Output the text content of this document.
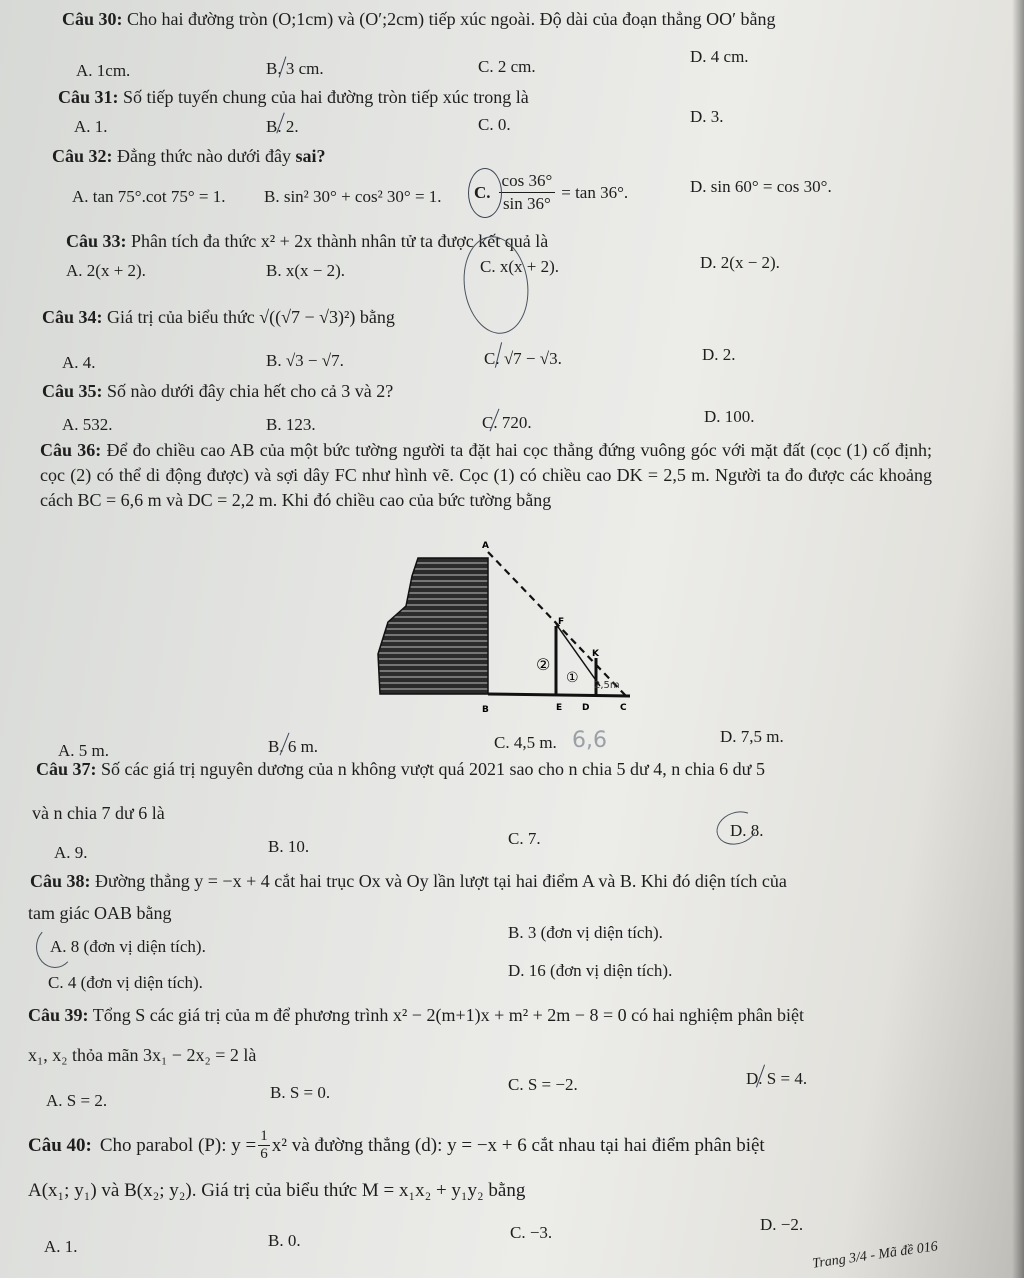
Câu 30: Cho hai đường tròn (O;1cm) và (O′;2cm) tiếp xúc ngoài. Độ dài của đoạn thẳng OO′ bằng
A. 1cm.	B. 3 cm.	C. 2 cm.
D. 4 cm.
Câu 31: Số tiếp tuyến chung của hai đường tròn tiếp xúc trong là
A. 1.	B. 2.	C. 0.	D. 3.
Câu 32: Đẳng thức nào dưới đây sai?
A. tan 75°.cot 75° = 1. B. sin² 30° + cos² 30° = 1. C. $\frac{\cos 36^\circ}{\sin 36^\circ} = \tan 36^\circ$.	D. sin 60° = cos 30°.
Câu 33: Phân tích đa thức x² + 2x thành nhân tử ta được kết quả là
A. 2(x + 2).	B. x(x − 2).	C. x(x + 2).	D. 2(x − 2).
Câu 34: Giá trị của biểu thức √((√7 − √3)²) bằng
A. 4.	B. √3 − √7.	C. √7 − √3.	D. 2.
Câu 35: Số nào dưới đây chia hết cho cả 3 và 2?
A. 532.	B. 123.	C. 720.	D. 100.
Câu 36: Để đo chiều cao AB của một bức tường người ta đặt hai cọc thẳng đứng vuông góc với mặt đất (cọc (1) cố định; cọc (2) có thể di động được) và sợi dây FC như hình vẽ. Cọc (1) có chiều cao DK = 2,5 m. Người ta đo được các khoảng cách BC = 6,6 m và DC = 2,2 m. Khi đó chiều cao của bức tường bằng
A
F
K
B	E D	C
②
① 2,5m
A. 5 m.	B. 6 m.	C. 4,5 m.	D. 7,5 m.
6,6
Câu 37: Số các giá trị nguyên dương của n không vượt quá 2021 sao cho n chia 5 dư 4, n chia 6 dư 5
và n chia 7 dư 6 là
A. 9.	B. 10.	C. 7.	D. 8.
Câu 38: Đường thẳng y = −x + 4 cắt hai trục Ox và Oy lần lượt tại hai điểm A và B. Khi đó diện tích của
tam giác OAB bằng
A. 8 (đơn vị diện tích).
B. 3 (đơn vị diện tích).
C. 4 (đơn vị diện tích).
D. 16 (đơn vị diện tích).
Câu 39: Tổng S các giá trị của m để phương trình x² − 2(m+1)x + m² + 2m − 8 = 0 có hai nghiệm phân biệt
x₁, x₂ thỏa mãn 3x₁ − 2x₂ = 2 là
A. S = 2.	B. S = 0.	C. S = −2.	D. S = 4.
Câu 40: Cho parabol (P): $y = \frac{1}{6} x^2$ và đường thẳng (d): y = −x + 6 cắt nhau tại hai điểm phân biệt
A(x₁; y₁) và B(x₂; y₂). Giá trị của biểu thức M = x₁x₂ + y₁y₂ bằng
A. 1.	B. 0.	C. −3.	D. −2.
Trang 3/4 - Mã đề 016
